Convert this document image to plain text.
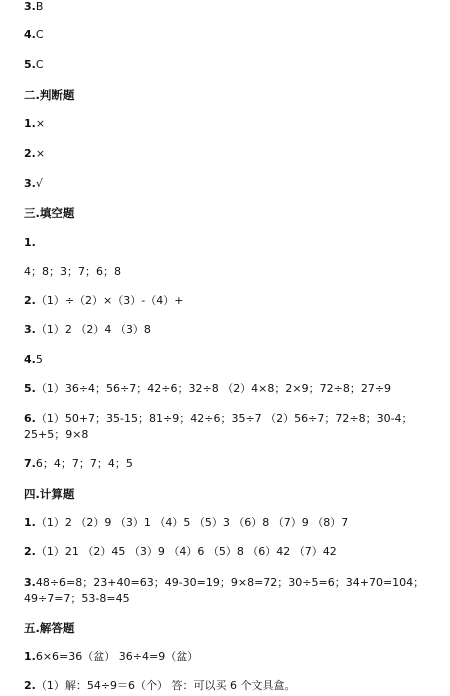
3.B
4.C
5.C
二.判断题
1.×
2.×
3.√
三.填空题
1.
4；8；3；7；6；8
2.（1）÷（2）×（3）-（4）+
3.（1）2 （2）4 （3）8
4.5
5.（1）36÷4；56÷7；42÷6；32÷8 （2）4×8；2×9；72÷8；27÷9
6.（1）50+7；35-15；81÷9；42÷6；35÷7 （2）56÷7；72÷8；30-4；25+5；9×8
7.6；4；7；7；4；5
四.计算题
1.（1）2 （2）9 （3）1 （4）5 （5）3 （6）8 （7）9 （8）7
2.（1）21 （2）45 （3）9 （4）6 （5）8 （6）42 （7）42
3.48÷6=8；23+40=63；49-30=19；9×8=72；30÷5=6；34+70=104；49÷7=7；53-8=45
五.解答题
1.6×6=36（盆） 36÷4=9（盆）
2.（1）解：54÷9＝6（个） 答：可以买 6 个文具盒。
